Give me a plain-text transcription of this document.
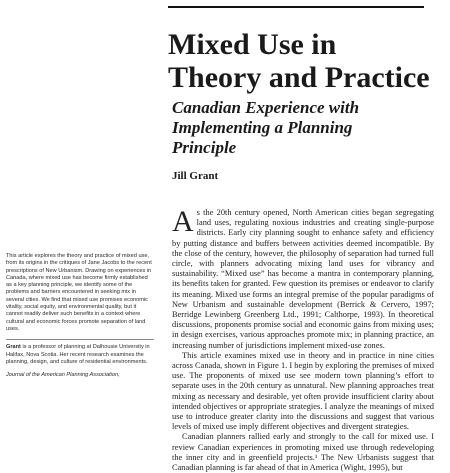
Mixed Use in
Theory and Practice
Canadian Experience with
Implementing a Planning
Principle
Jill Grant

As the 20th century opened, North American cities began segregating land uses, regulating noxious industries and creating single-purpose districts. Early city planning sought to enhance safety and efficiency by putting distance and buffers between activities deemed incompatible. By the close of the century, however, the philosophy of separation had turned full circle, with planners advocating mixing land uses for vibrancy and sustainability. “Mixed use” has become a mantra in contemporary planning, its benefits taken for granted. Few question its premises or endeavor to clarify its meaning. Mixed use forms an integral premise of the popular paradigms of New Urbanism and sustainable development (Berrick & Cervero, 1997; Berridge Lewinberg Greenberg Ltd., 1991; Calthorpe, 1993). In theoretical discussions, proponents promise social and economic gains from mixing uses; in design exercises, various approaches promote mix; in planning practice, an increasing number of jurisdictions implement mixed-use zones.

This article examines mixed use in theory and in practice in nine cities across Canada, shown in Figure 1. I begin by exploring the premises of mixed use. The proponents of mixed use see modern town planning’s effort to separate uses in the 20th century as unnatural. New planning approaches treat mixing as necessary and desirable, yet often provide insufficient clarity about intended objectives or appropriate strategies. I analyze the meanings of mixed use to introduce greater clarity into the discussions and suggest that various levels of mixed use imply different objectives and divergent strategies.

Canadian planners rallied early and strongly to the call for mixed use. I review Canadian experiences in promoting mixed use through redeveloping the inner city and in greenfield projects.¹ The New Urbanists suggest that Canadian planning is far ahead of that in America (Wight, 1995), but

This article explores the theory and practice of mixed use, from its origins in the critiques of Jane Jacobs to the recent prescriptions of New Urbanism. Drawing on experiences in Canada, where mixed use has become firmly established as a key planning principle, we identify some of the problems and barriers encountered in seeking mix in several cities. We find that mixed use promises economic vitality, social equity, and environmental quality, but it cannot readily deliver such benefits in a context where cultural and economic forces promote separation of land uses.

Grant is a professor of planning at Dalhousie University in Halifax, Nova Scotia. Her recent research examines the planning, design, and culture of residential environments.

Journal of the American Planning Association,
